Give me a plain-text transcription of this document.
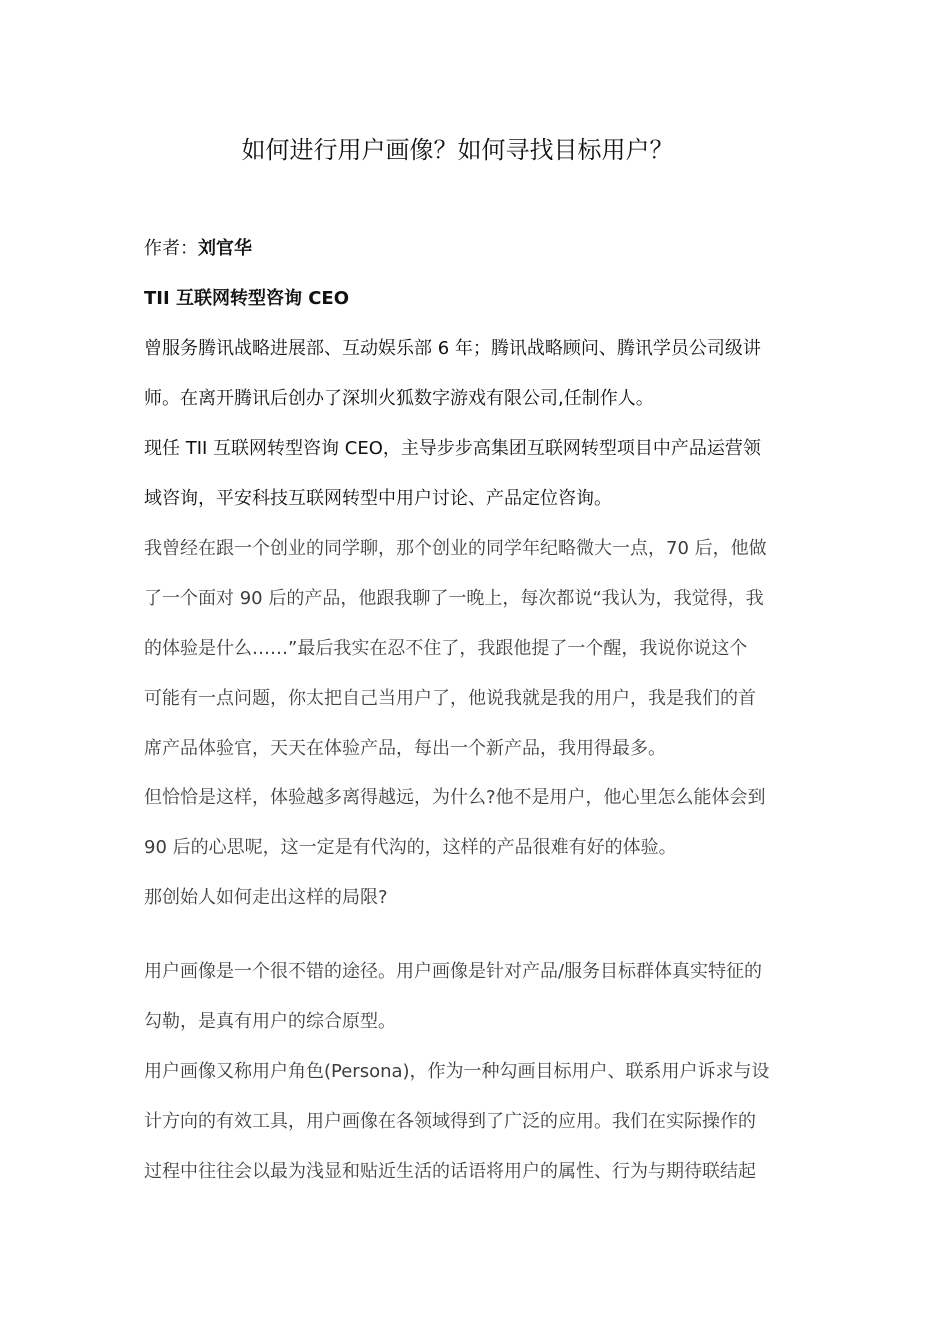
如何进行用户画像？如何寻找目标用户？

作者：刘官华

TII 互联网转型咨询 CEO

曾服务腾讯战略进展部、互动娱乐部 6 年；腾讯战略顾问、腾讯学员公司级讲

师。在离开腾讯后创办了深圳火狐数字游戏有限公司,任制作人。

现任 TII 互联网转型咨询 CEO，主导步步高集团互联网转型项目中产品运营领

域咨询，平安科技互联网转型中用户讨论、产品定位咨询。

我曾经在跟一个创业的同学聊，那个创业的同学年纪略微大一点，70 后，他做

了一个面对 90 后的产品，他跟我聊了一晚上，每次都说“我认为，我觉得，我

的体验是什么……”最后我实在忍不住了，我跟他提了一个醒，我说你说这个

可能有一点问题，你太把自己当用户了，他说我就是我的用户，我是我们的首

席产品体验官，天天在体验产品，每出一个新产品，我用得最多。

但恰恰是这样，体验越多离得越远，为什么?他不是用户，他心里怎么能体会到

90 后的心思呢，这一定是有代沟的，这样的产品很难有好的体验。

那创始人如何走出这样的局限?

用户画像是一个很不错的途径。用户画像是针对产品/服务目标群体真实特征的

勾勒，是真有用户的综合原型。

用户画像又称用户角色(Persona)，作为一种勾画目标用户、联系用户诉求与设

计方向的有效工具，用户画像在各领域得到了广泛的应用。我们在实际操作的

过程中往往会以最为浅显和贴近生活的话语将用户的属性、行为与期待联结起
